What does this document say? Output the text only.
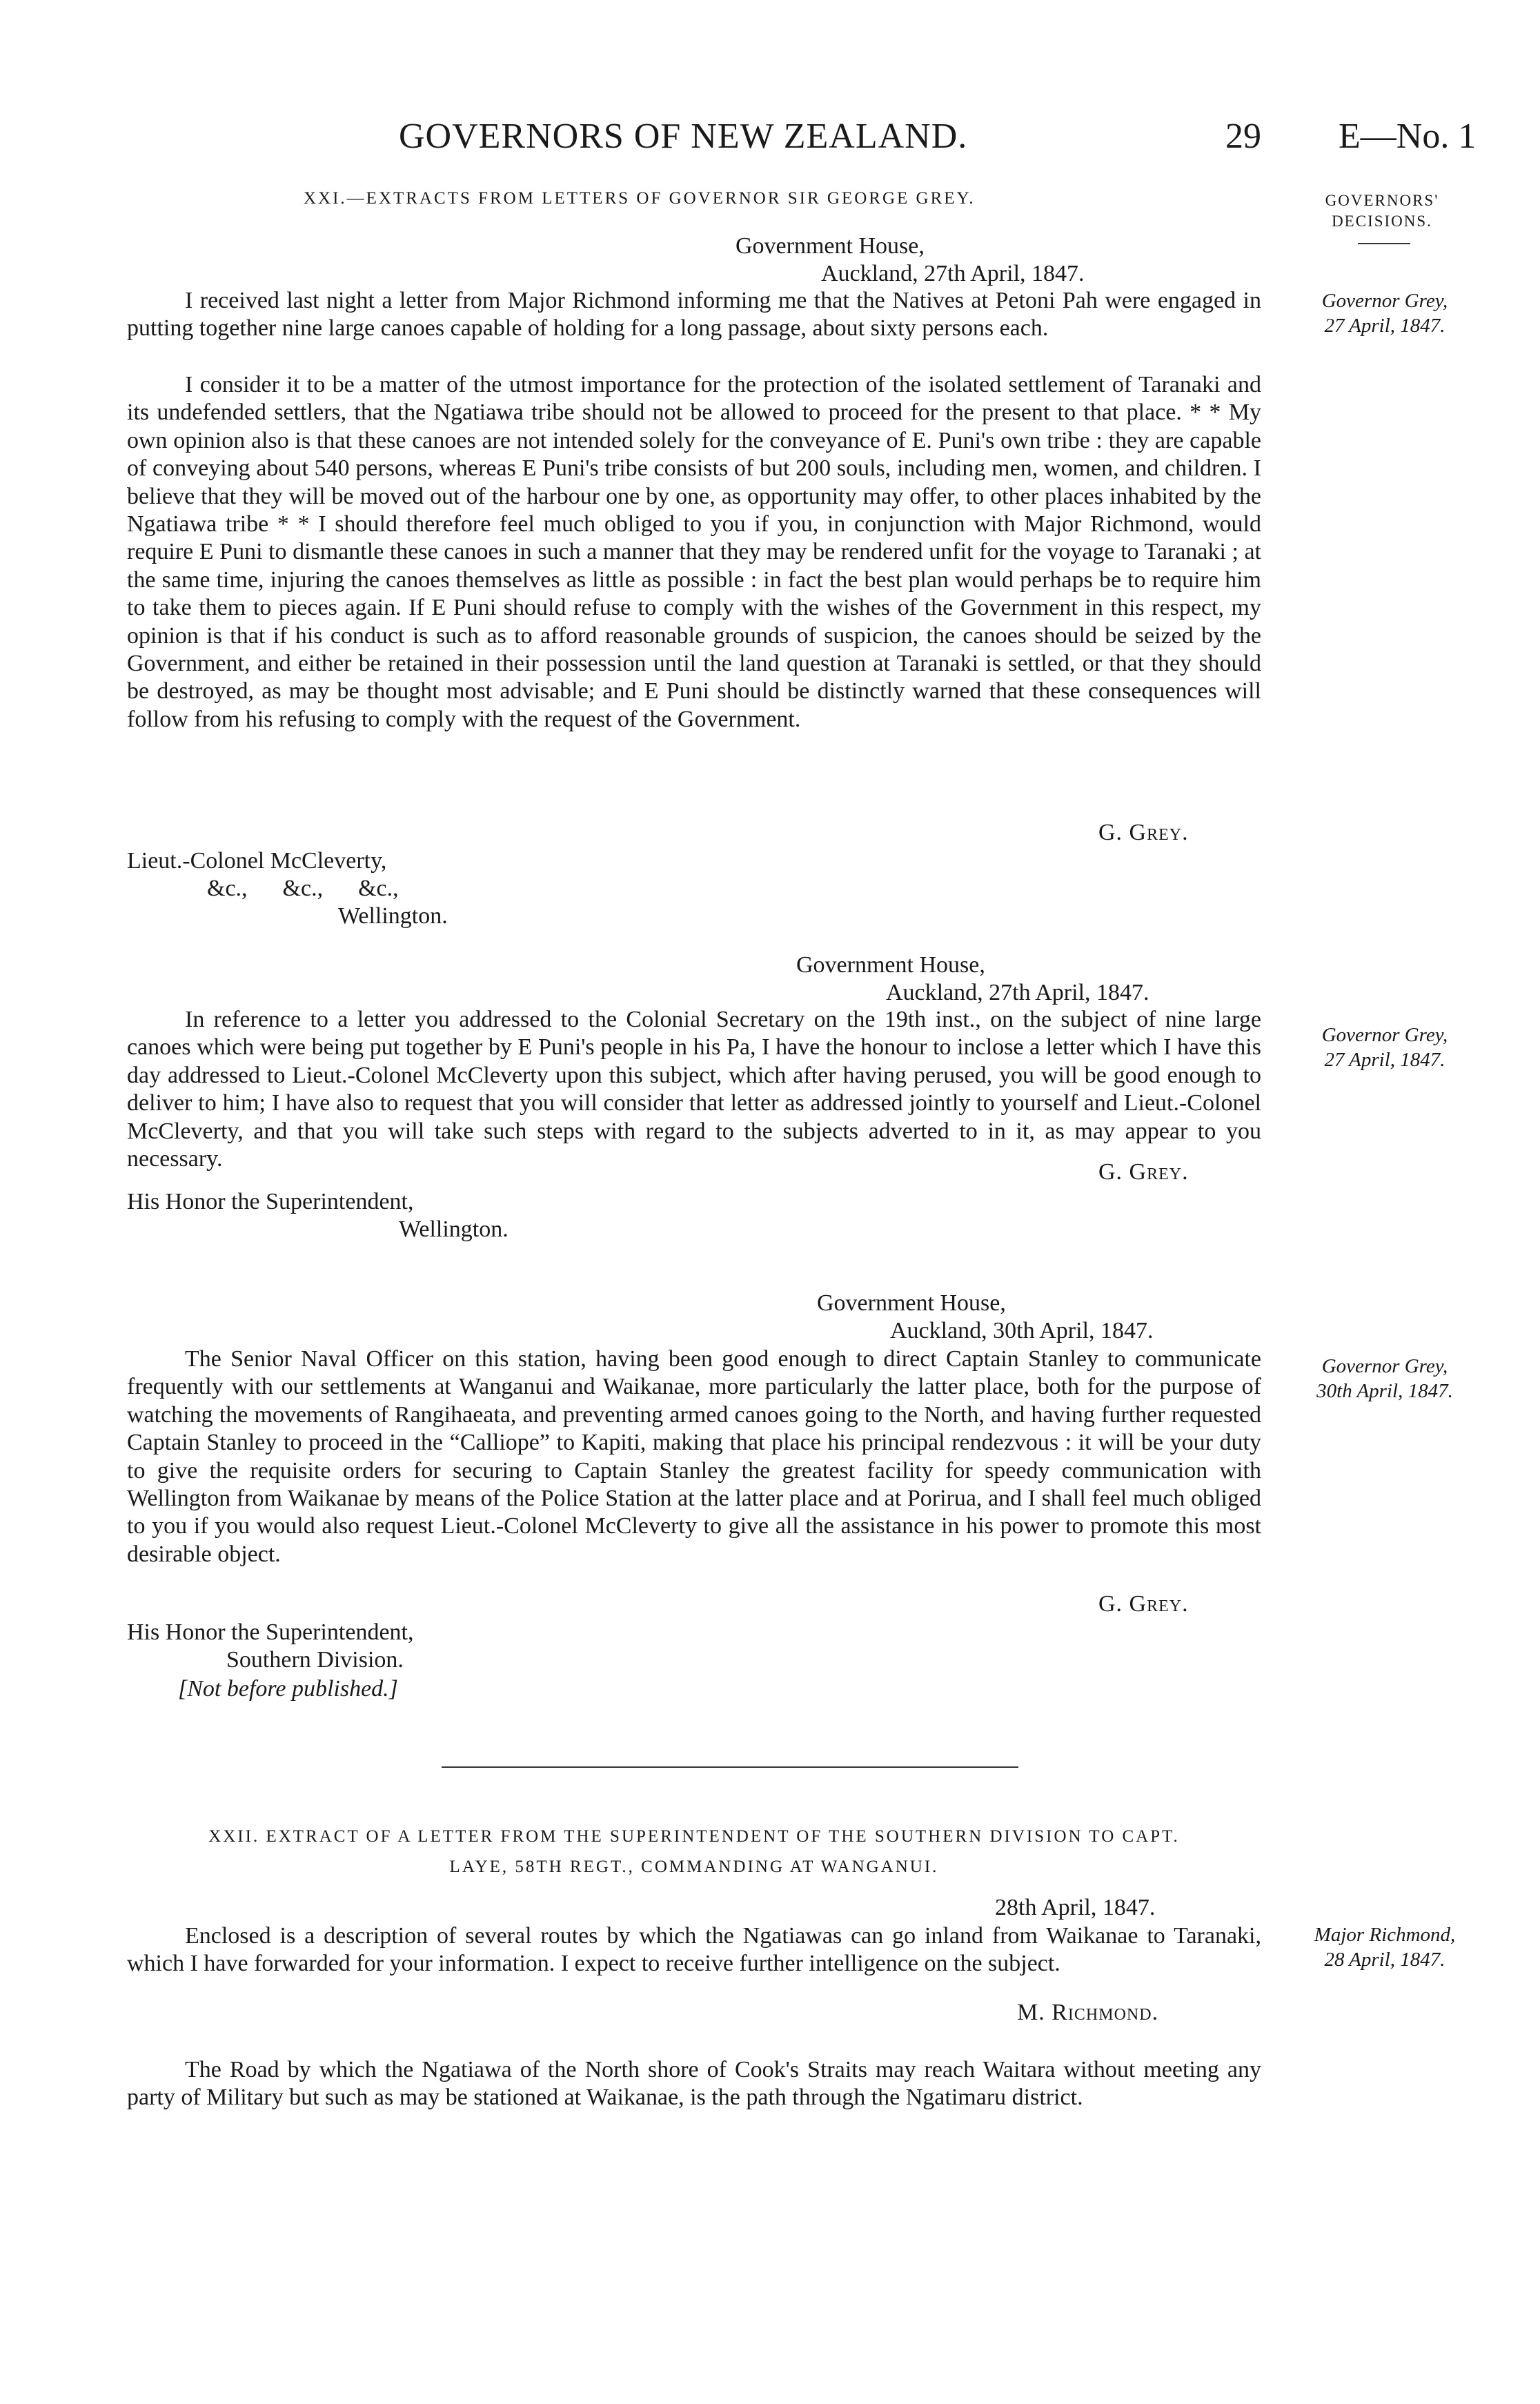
GOVERNORS OF NEW ZEALAND.	29 E—No. 1
XXI.—EXTRACTS FROM LETTERS OF GOVERNOR SIR GEORGE GREY.	GOVERNORS' DECISIONS.
Government House,
Auckland, 27th April, 1847.
Governor Grey,
27 April, 1847.

I received last night a letter from Major Richmond informing me that the Natives at Petoni Pah were engaged in putting together nine large canoes capable of holding for a long passage, about sixty persons each.

I consider it to be a matter of the utmost importance for the protection of the isolated settlement of Taranaki and its undefended settlers, that the Ngatiawa tribe should not be allowed to proceed for the present to that place. * * My own opinion also is that these canoes are not intended solely for the conveyance of E. Puni's own tribe : they are capable of conveying about 540 persons, whereas E Puni's tribe consists of but 200 souls, including men, women, and children. I believe that they will be moved out of the harbour one by one, as opportunity may offer, to other places inhabited by the Ngatiawa tribe * * I should therefore feel much obliged to you if you, in conjunction with Major Richmond, would require E Puni to dismantle these canoes in such a manner that they may be rendered unfit for the voyage to Taranaki ; at the same time, injuring the canoes themselves as little as possible : in fact the best plan would perhaps be to require him to take them to pieces again. If E Puni should refuse to comply with the wishes of the Government in this respect, my opinion is that if his conduct is such as to afford reasonable grounds of suspicion, the canoes should be seized by the Government, and either be retained in their possession until the land question at Taranaki is settled, or that they should be destroyed, as may be thought most advisable; and E Puni should be distinctly warned that these consequences will follow from his refusing to comply with the request of the Government.

G. Grey.
Lieut.-Colonel McCleverty,
&c.,      &c.,      &c.,
Wellington.
Government House,
Auckland, 27th April, 1847.
Governor Grey,
27 April, 1847.

In reference to a letter you addressed to the Colonial Secretary on the 19th inst., on the subject of nine large canoes which were being put together by E Puni's people in his Pa, I have the honour to inclose a letter which I have this day addressed to Lieut.-Colonel McCleverty upon this subject, which after having perused, you will be good enough to deliver to him; I have also to request that you will consider that letter as addressed jointly to yourself and Lieut.-Colonel McCleverty, and that you will take such steps with regard to the subjects adverted to in it, as may appear to you necessary.

G. Grey.
His Honor the Superintendent,
Wellington.
Government House,
Auckland, 30th April, 1847.
Governor Grey,
30th April, 1847.

The Senior Naval Officer on this station, having been good enough to direct Captain Stanley to communicate frequently with our settlements at Wanganui and Waikanae, more particularly the latter place, both for the purpose of watching the movements of Rangihaeata, and preventing armed canoes going to the North, and having further requested Captain Stanley to proceed in the “Calliope” to Kapiti, making that place his principal rendezvous : it will be your duty to give the requisite orders for securing to Captain Stanley the greatest facility for speedy communication with Wellington from Waikanae by means of the Police Station at the latter place and at Porirua, and I shall feel much obliged to you if you would also request Lieut.-Colonel McCleverty to give all the assistance in his power to promote this most desirable object.

G. Grey.
His Honor the Superintendent,
Southern Division.
[Not before published.]
XXII. EXTRACT OF A LETTER FROM THE SUPERINTENDENT OF THE SOUTHERN DIVISION TO CAPT.
LAYE, 58TH REGT., COMMANDING AT WANGANUI.
28th April, 1847.
Major Richmond,
28 April, 1847.

Enclosed is a description of several routes by which the Ngatiawas can go inland from Waikanae to Taranaki, which I have forwarded for your information. I expect to receive further intelligence on the subject.

M. Richmond.

The Road by which the Ngatiawa of the North shore of Cook's Straits may reach Waitara without meeting any party of Military but such as may be stationed at Waikanae, is the path through the Ngatimaru district.
